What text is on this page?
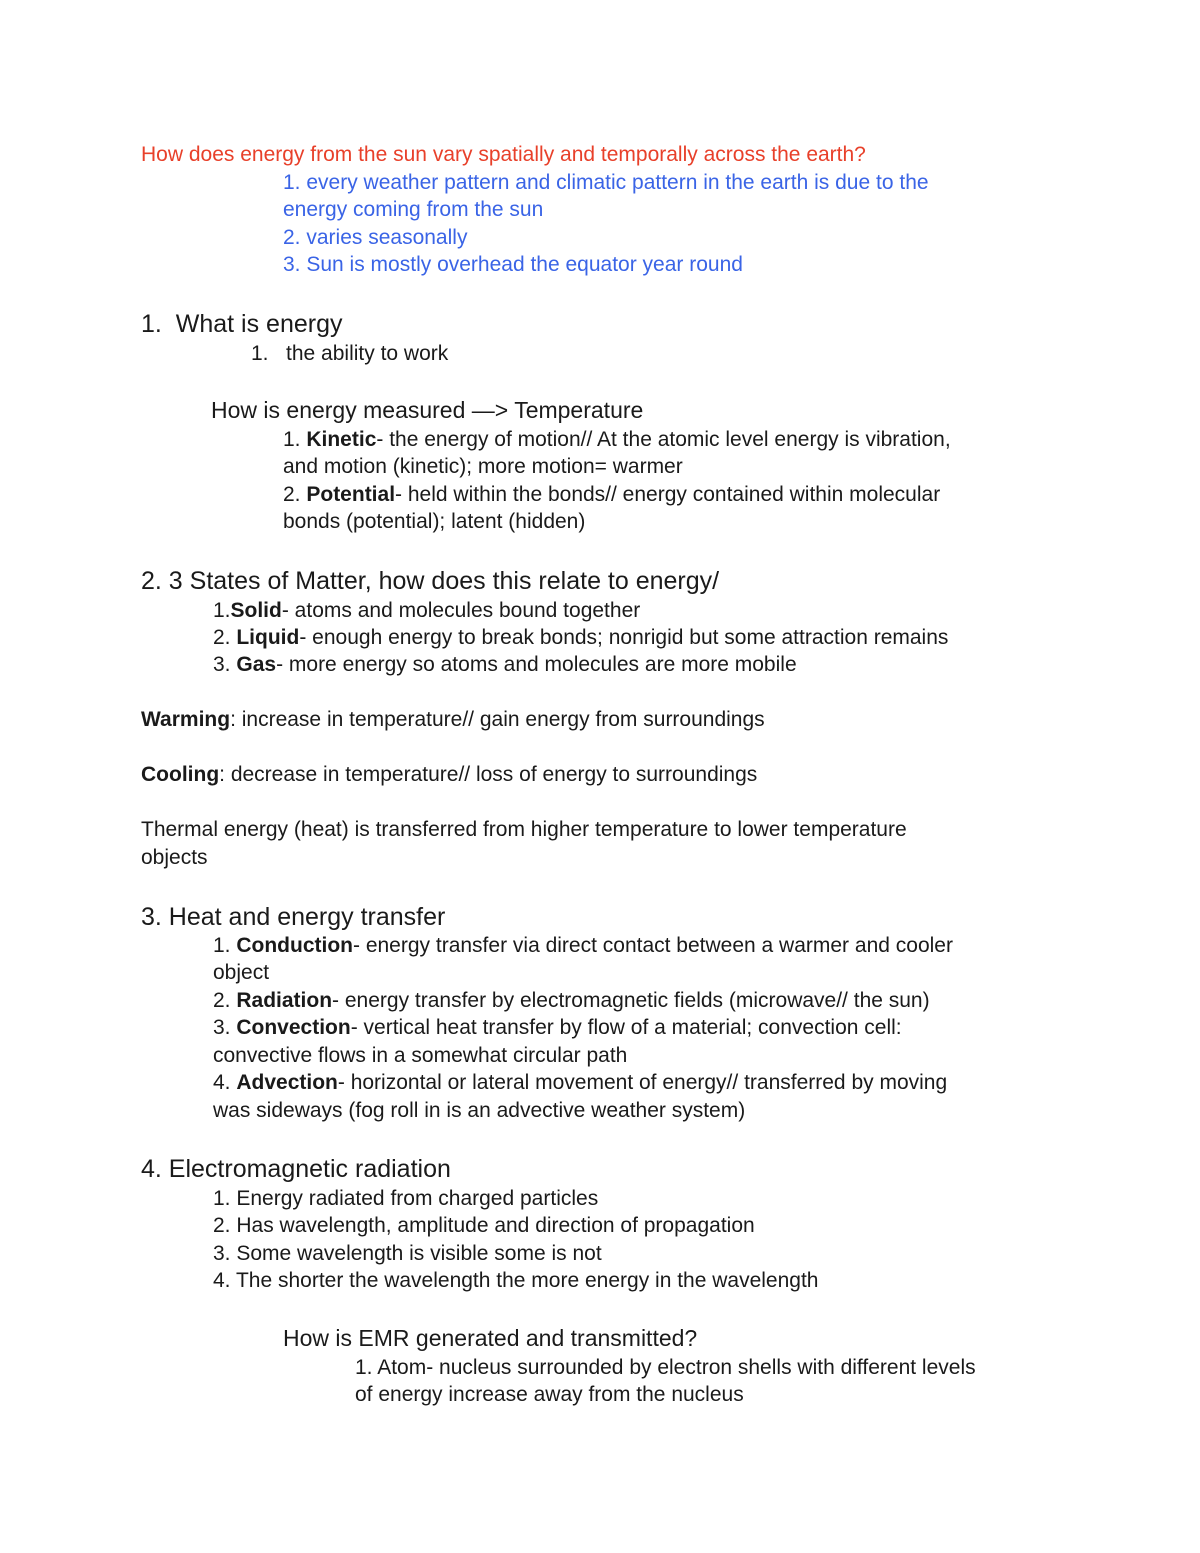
How does energy from the sun vary spatially and temporally across the earth?
1. every weather pattern and climatic pattern in the earth is due to the
energy coming from the sun
2. varies seasonally
3. Sun is mostly overhead the equator year round
1.  What is energy
1. the ability to work
How is energy measured —> Temperature
1. Kinetic- the energy of motion// At the atomic level energy is vibration,
and motion (kinetic); more motion= warmer
2. Potential- held within the bonds// energy contained within molecular
bonds (potential); latent (hidden)
2. 3 States of Matter, how does this relate to energy/
1.Solid- atoms and molecules bound together
2. Liquid- enough energy to break bonds; nonrigid but some attraction remains
3. Gas- more energy so atoms and molecules are more mobile
Warming: increase in temperature// gain energy from surroundings
Cooling: decrease in temperature// loss of energy to surroundings
Thermal energy (heat) is transferred from higher temperature to lower temperature
objects
3. Heat and energy transfer
1. Conduction- energy transfer via direct contact between a warmer and cooler
object
2. Radiation- energy transfer by electromagnetic fields (microwave// the sun)
3. Convection- vertical heat transfer by flow of a material; convection cell:
convective flows in a somewhat circular path
4. Advection- horizontal or lateral movement of energy// transferred by moving
was sideways (fog roll in is an advective weather system)
4. Electromagnetic radiation
1. Energy radiated from charged particles
2. Has wavelength, amplitude and direction of propagation
3. Some wavelength is visible some is not
4. The shorter the wavelength the more energy in the wavelength
How is EMR generated and transmitted?
1. Atom- nucleus surrounded by electron shells with different levels
of energy increase away from the nucleus
